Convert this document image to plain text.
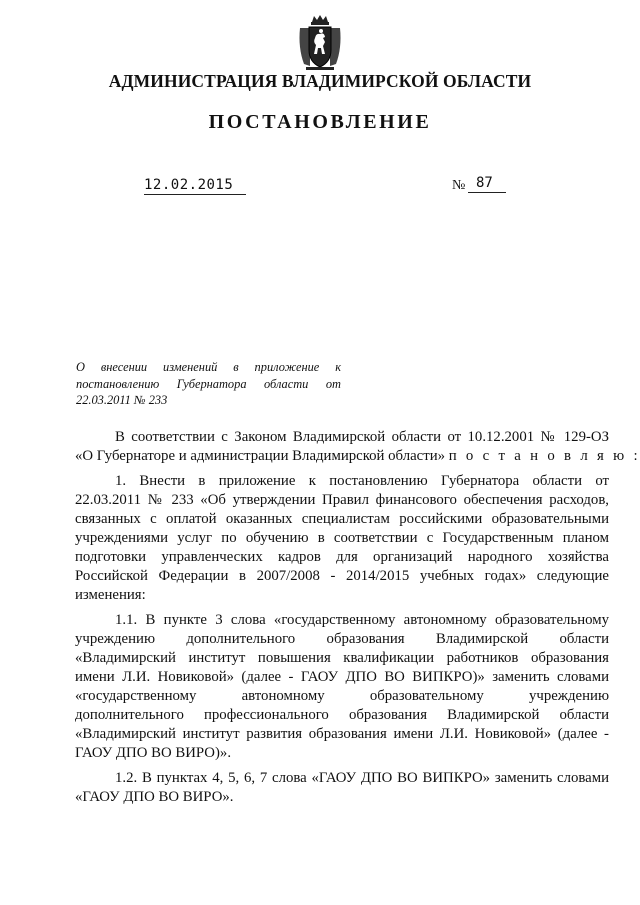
АДМИНИСТРАЦИЯ ВЛАДИМИРСКОЙ ОБЛАСТИ
ПОСТАНОВЛЕНИЕ
12.02.2015	№ 87
О внесении изменений в приложение к
постановлению Губернатора области от
22.03.2011 № 233
В соответствии с Законом Владимирской области от 10.12.2001 № 129-ОЗ
«О Губернаторе и администрации Владимирской области» п о с т а н о в л я ю :
1. Внести в приложение к постановлению Губернатора области от
22.03.2011 № 233 «Об утверждении Правил финансового обеспечения расходов,
связанных с оплатой оказанных специалистам российскими образовательными
учреждениями услуг по обучению в соответствии с Государственным планом
подготовки управленческих кадров для организаций народного хозяйства
Российской Федерации в 2007/2008 - 2014/2015 учебных годах» следующие
изменения:
1.1. В пункте 3 слова «государственному автономному образовательному
учреждению дополнительного образования Владимирской области
«Владимирский институт повышения квалификации работников образования
имени Л.И. Новиковой» (далее - ГАОУ ДПО ВО ВИПКРО)» заменить словами
«государственному автономному образовательному учреждению
дополнительного профессионального образования Владимирской области
«Владимирский институт развития образования имени Л.И. Новиковой» (далее -
ГАОУ ДПО ВО ВИРО)».
1.2. В пунктах 4, 5, 6, 7 слова «ГАОУ ДПО ВО ВИПКРО» заменить словами
«ГАОУ ДПО ВО ВИРО».
